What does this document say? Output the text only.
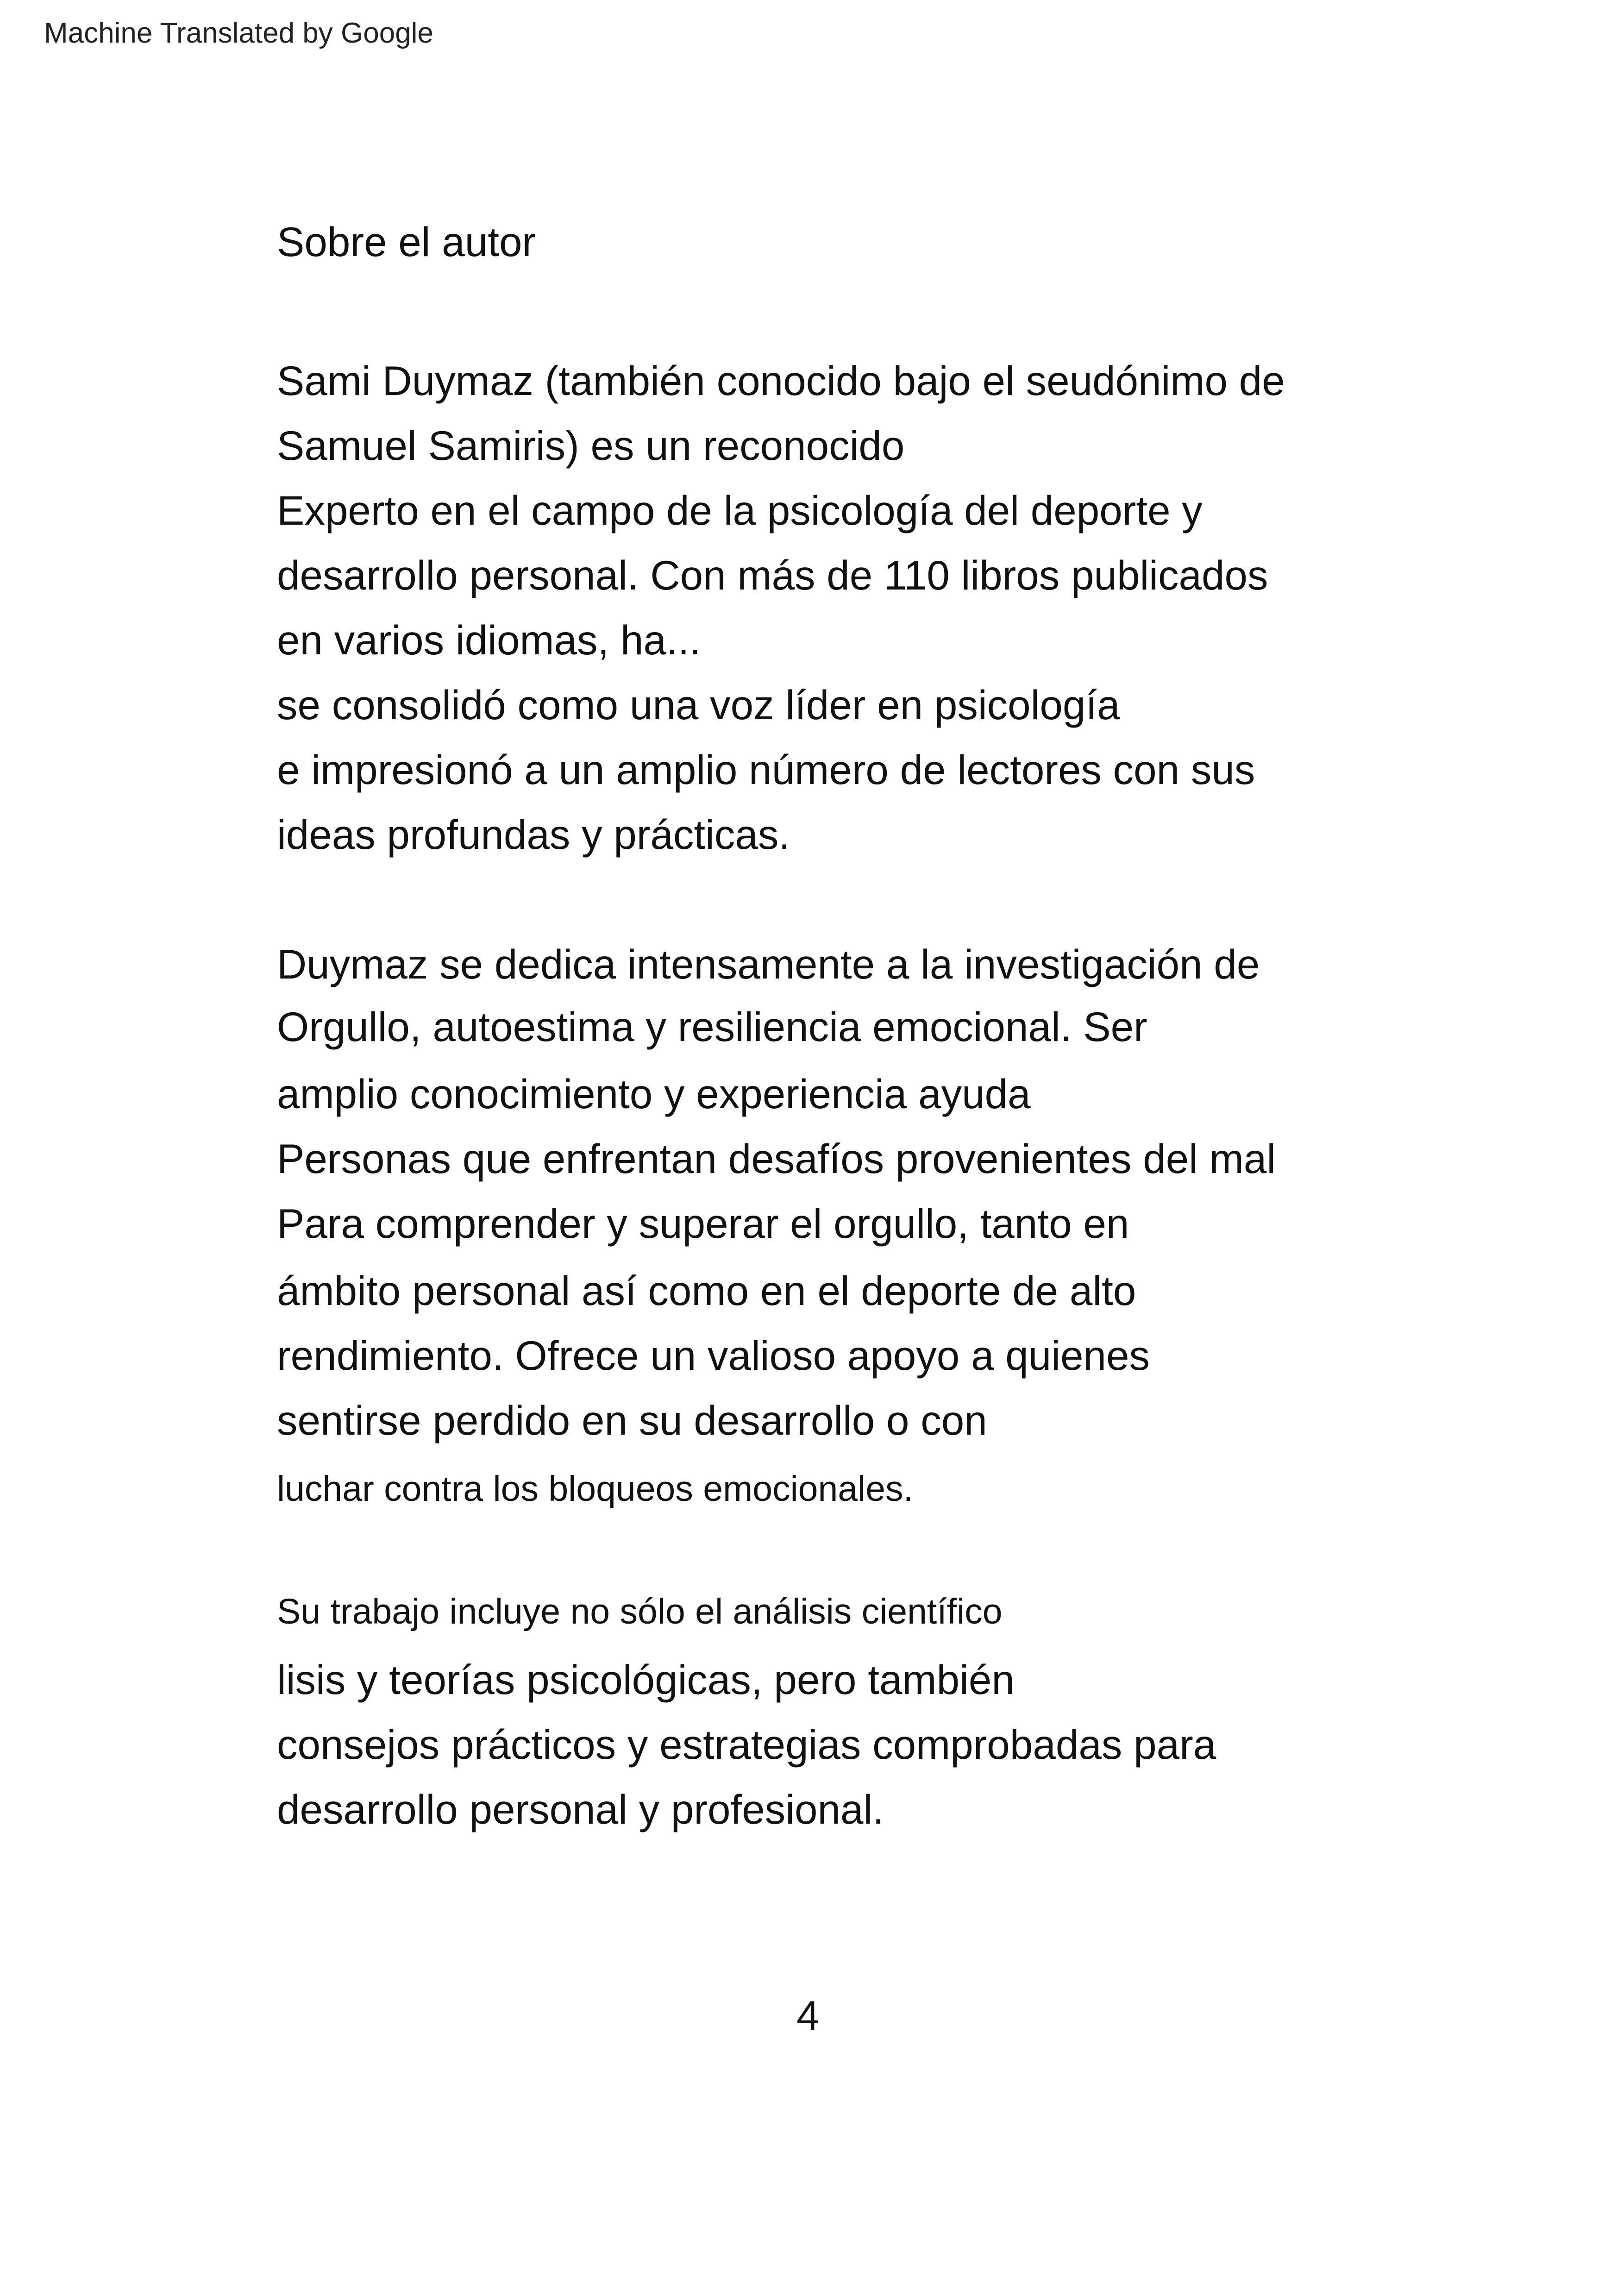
Machine Translated by Google
Sobre el autor
Sami Duymaz (también conocido bajo el seudónimo de
Samuel Samiris) es un reconocido
Experto en el campo de la psicología del deporte y
desarrollo personal. Con más de 110 libros publicados
en varios idiomas, ha...
se consolidó como una voz líder en psicología
e impresionó a un amplio número de lectores con sus
ideas profundas y prácticas.
Duymaz se dedica intensamente a la investigación de
Orgullo, autoestima y resiliencia emocional. Ser
amplio conocimiento y experiencia ayuda
Personas que enfrentan desafíos provenientes del mal
Para comprender y superar el orgullo, tanto en
ámbito personal así como en el deporte de alto
rendimiento. Ofrece un valioso apoyo a quienes
sentirse perdido en su desarrollo o con
luchar contra los bloqueos emocionales.
Su trabajo incluye no sólo el análisis científico
lisis y teorías psicológicas, pero también
consejos prácticos y estrategias comprobadas para
desarrollo personal y profesional.
4
